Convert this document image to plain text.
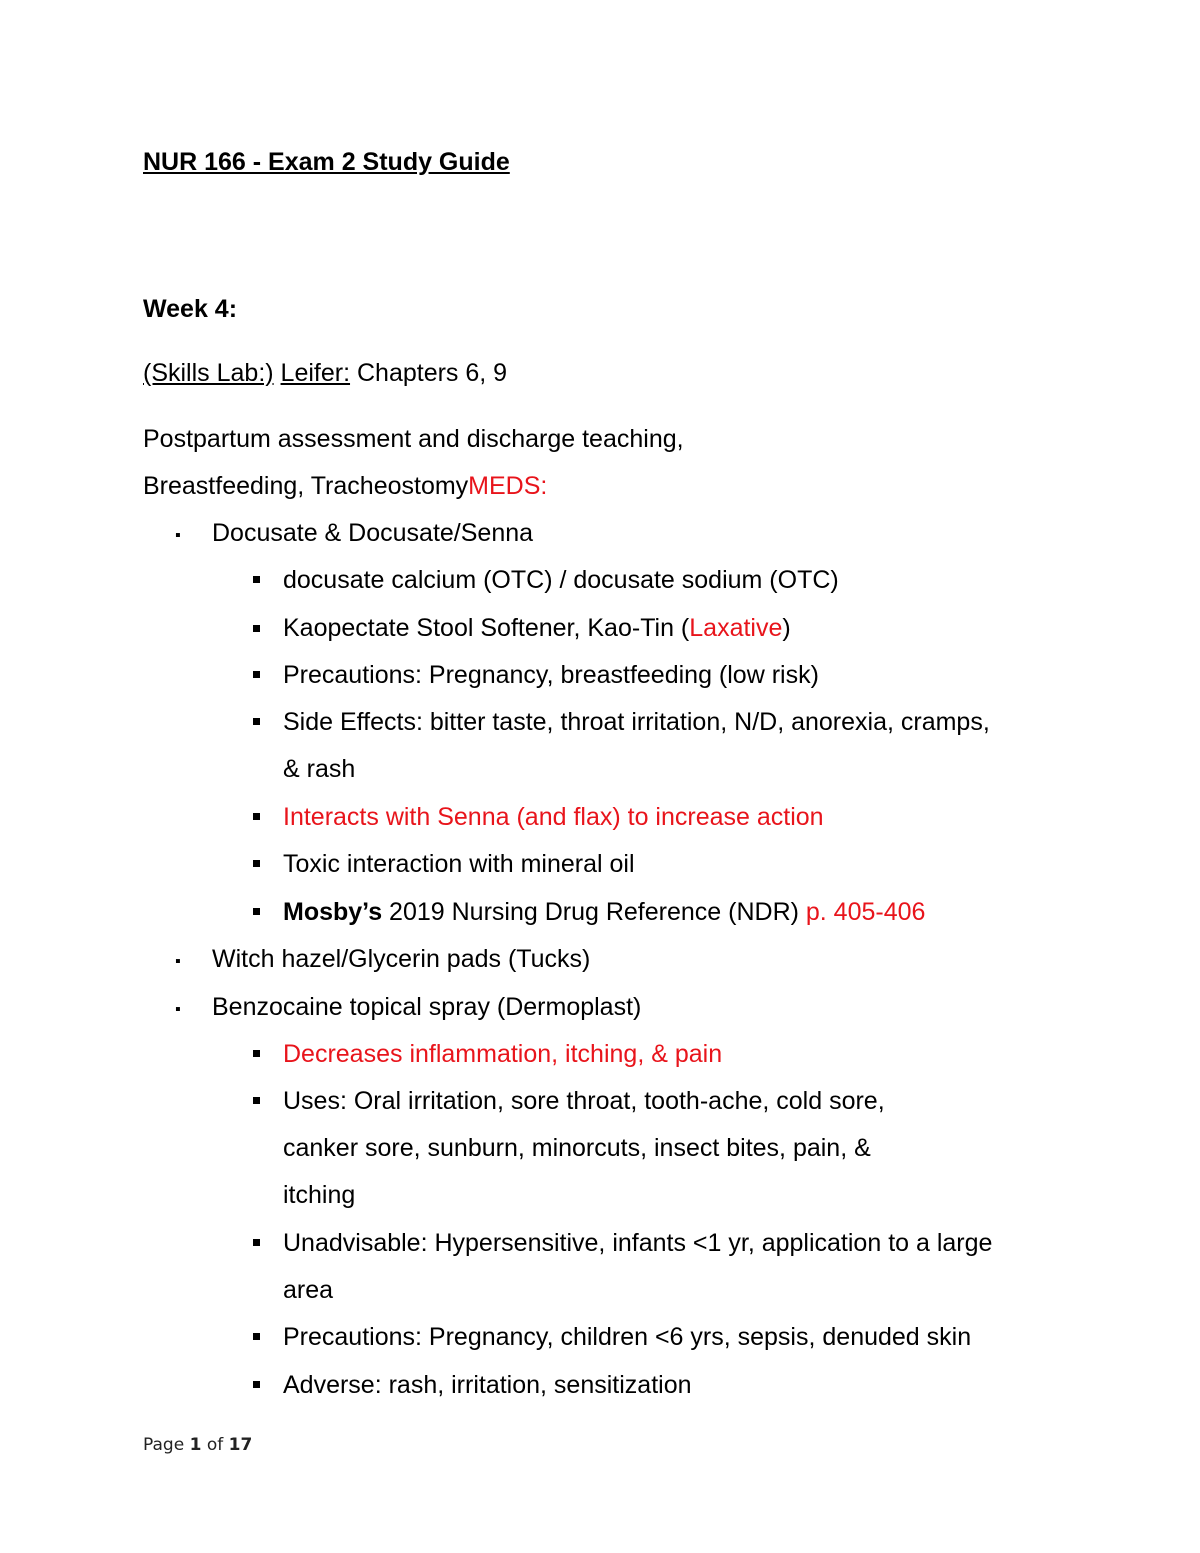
NUR 166 - Exam 2 Study Guide
Week 4:
(Skills Lab:) Leifer: Chapters 6, 9
Postpartum assessment and discharge teaching,
Breastfeeding, TracheostomyMEDS:
▪ Docusate & Docusate/Senna
docusate calcium (OTC) / docusate sodium (OTC)
Kaopectate Stool Softener, Kao-Tin (Laxative)
Precautions: Pregnancy, breastfeeding (low risk)
Side Effects: bitter taste, throat irritation, N/D, anorexia, cramps,
& rash
Interacts with Senna (and flax) to increase action
Toxic interaction with mineral oil
Mosby’s 2019 Nursing Drug Reference (NDR) p. 405-406
▪ Witch hazel/Glycerin pads (Tucks)
▪ Benzocaine topical spray (Dermoplast)
Decreases inflammation, itching, & pain
Uses: Oral irritation, sore throat, tooth-ache, cold sore,
canker sore, sunburn, minorcuts, insect bites, pain, &
itching
Unadvisable: Hypersensitive, infants <1 yr, application to a large
area
Precautions: Pregnancy, children <6 yrs, sepsis, denuded skin
Adverse: rash, irritation, sensitization
Page 1 of 17
